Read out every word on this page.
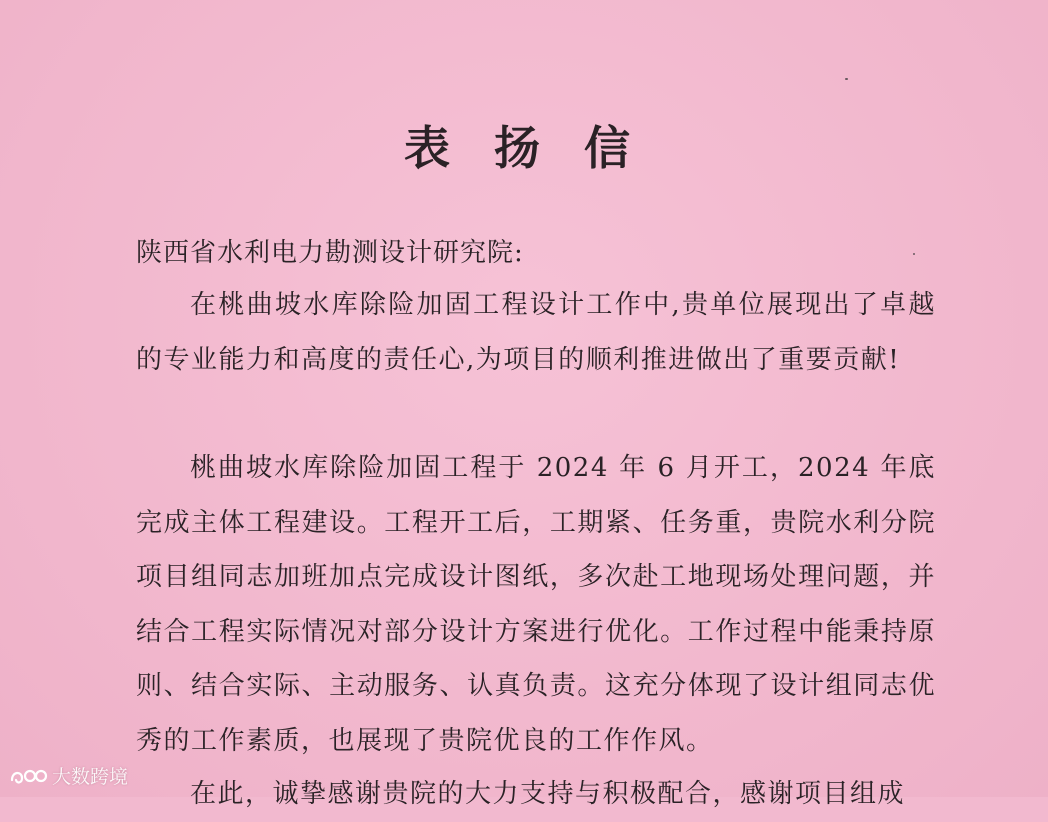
表 扬 信
陕西省水利电力勘测设计研究院:
在桃曲坡水库除险加固工程设计工作中,贵单位展现出了卓越的专业能力和高度的责任心,为项目的顺利推进做出了重要贡献!
桃曲坡水库除险加固工程于 2024 年 6 月开工，2024 年底完成主体工程建设。工程开工后，工期紧、任务重，贵院水利分院项目组同志加班加点完成设计图纸，多次赴工地现场处理问题，并结合工程实际情况对部分设计方案进行优化。工作过程中能秉持原则、结合实际、主动服务、认真负责。这充分体现了设计组同志优秀的工作素质，也展现了贵院优良的工作作风。
在此，诚挚感谢贵院的大力支持与积极配合，感谢项目组成
大数跨境
